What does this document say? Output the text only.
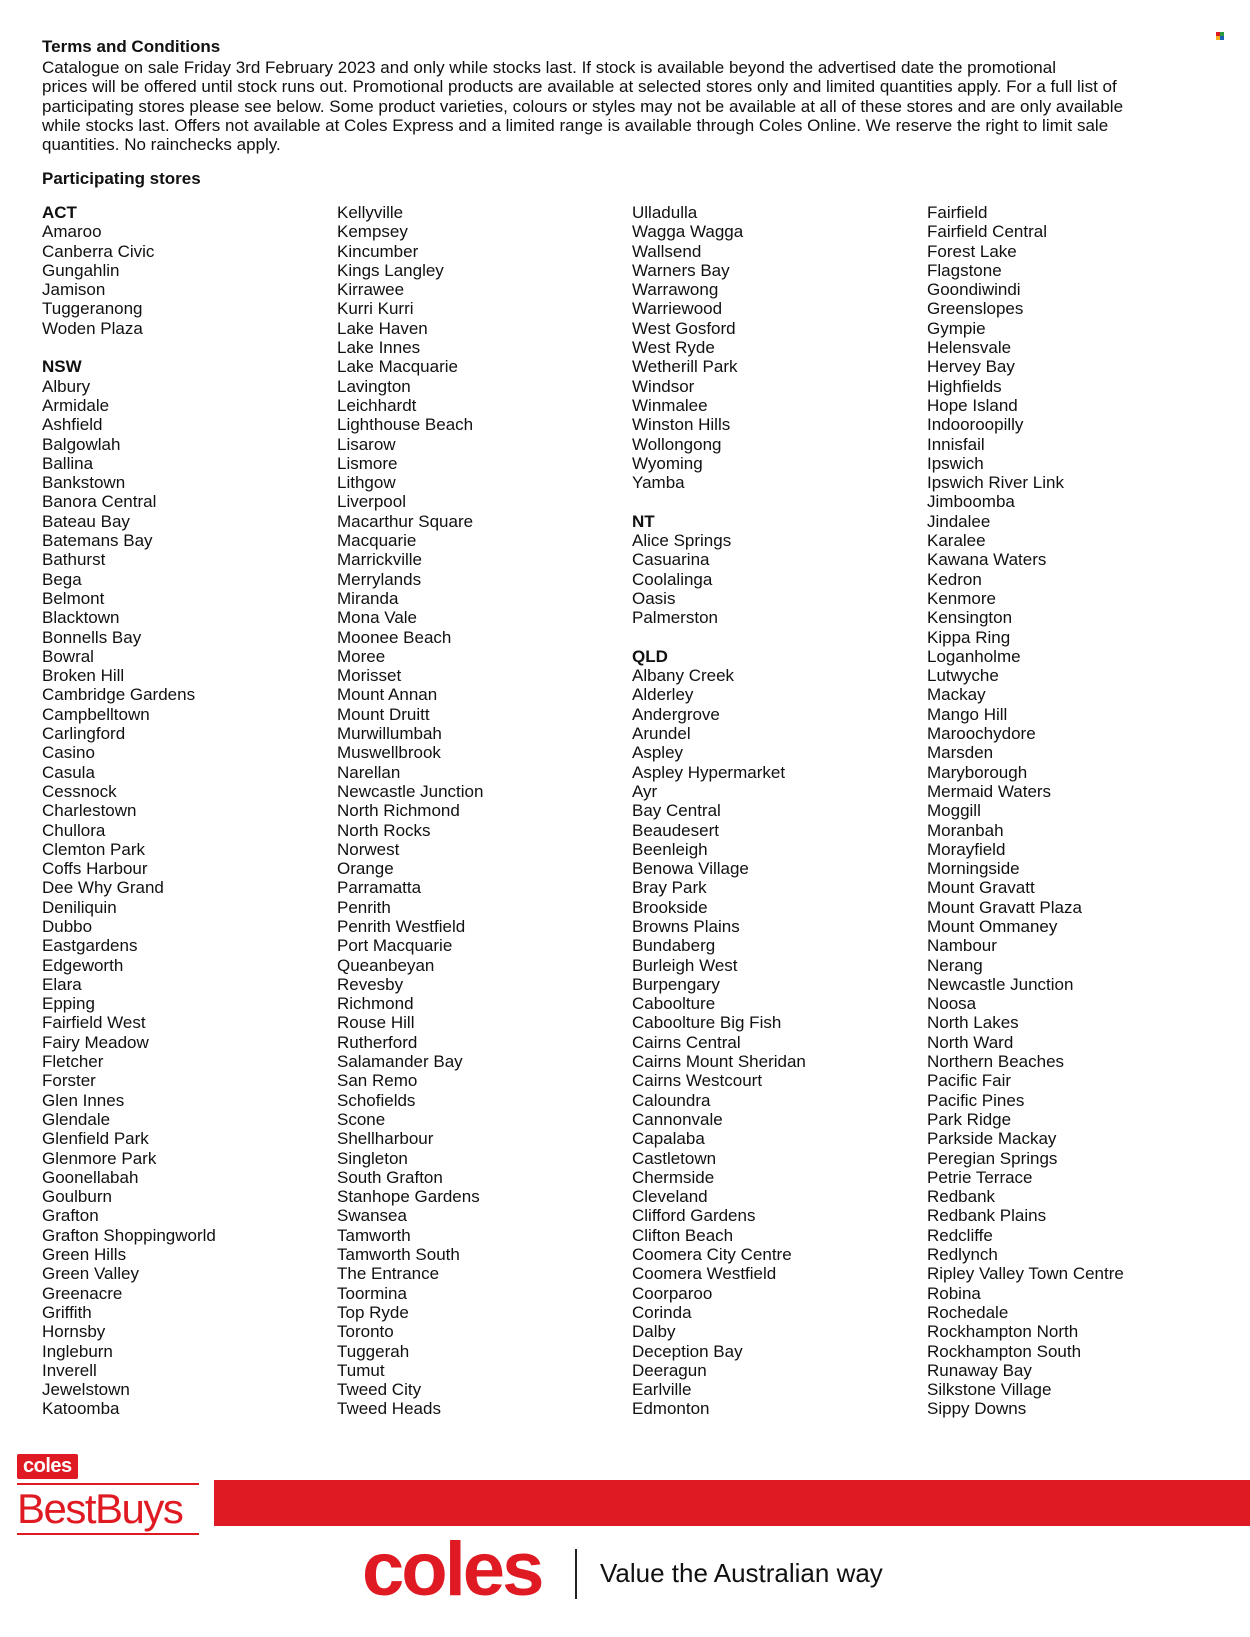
Terms and Conditions

Catalogue on sale Friday 3rd February 2023 and only while stocks last. If stock is available beyond the advertised date the promotional

prices will be offered until stock runs out. Promotional products are available at selected stores only and limited quantities apply. For a full list of

participating stores please see below. Some product varieties, colours or styles may not be available at all of these stores and are only available

while stocks last. Offers not available at Coles Express and a limited range is available through Coles Online. We reserve the right to limit sale

quantities. No rainchecks apply.

Participating stores
ACT
Amaroo
Canberra Civic
Gungahlin
Jamison
Tuggeranong
Woden Plaza
NSW
Albury
Armidale
Ashfield
Balgowlah
Ballina
Bankstown
Banora Central
Bateau Bay
Batemans Bay
Bathurst
Bega
Belmont
Blacktown
Bonnells Bay
Bowral
Broken Hill
Cambridge Gardens
Campbelltown
Carlingford
Casino
Casula
Cessnock
Charlestown
Chullora
Clemton Park
Coffs Harbour
Dee Why Grand
Deniliquin
Dubbo
Eastgardens
Edgeworth
Elara
Epping
Fairfield West
Fairy Meadow
Fletcher
Forster
Glen Innes
Glendale
Glenfield Park
Glenmore Park
Goonellabah
Goulburn
Grafton
Grafton Shoppingworld
Green Hills
Green Valley
Greenacre
Griffith
Hornsby
Ingleburn
Inverell
Jewelstown
Katoomba
Kellyville
Kempsey
Kincumber
Kings Langley
Kirrawee
Kurri Kurri
Lake Haven
Lake Innes
Lake Macquarie
Lavington
Leichhardt
Lighthouse Beach
Lisarow
Lismore
Lithgow
Liverpool
Macarthur Square
Macquarie
Marrickville
Merrylands
Miranda
Mona Vale
Moonee Beach
Moree
Morisset
Mount Annan
Mount Druitt
Murwillumbah
Muswellbrook
Narellan
Newcastle Junction
North Richmond
North Rocks
Norwest
Orange
Parramatta
Penrith
Penrith Westfield
Port Macquarie
Queanbeyan
Revesby
Richmond
Rouse Hill
Rutherford
Salamander Bay
San Remo
Schofields
Scone
Shellharbour
Singleton
South Grafton
Stanhope Gardens
Swansea
Tamworth
Tamworth South
The Entrance
Toormina
Top Ryde
Toronto
Tuggerah
Tumut
Tweed City
Tweed Heads
Ulladulla
Wagga Wagga
Wallsend
Warners Bay
Warrawong
Warriewood
West Gosford
West Ryde
Wetherill Park
Windsor
Winmalee
Winston Hills
Wollongong
Wyoming
Yamba
NT
Alice Springs
Casuarina
Coolalinga
Oasis
Palmerston
QLD
Albany Creek
Alderley
Andergrove
Arundel
Aspley
Aspley Hypermarket
Ayr
Bay Central
Beaudesert
Beenleigh
Benowa Village
Bray Park
Brookside
Browns Plains
Bundaberg
Burleigh West
Burpengary
Caboolture
Caboolture Big Fish
Cairns Central
Cairns Mount Sheridan
Cairns Westcourt
Caloundra
Cannonvale
Capalaba
Castletown
Chermside
Cleveland
Clifford Gardens
Clifton Beach
Coomera City Centre
Coomera Westfield
Coorparoo
Corinda
Dalby
Deception Bay
Deeragun
Earlville
Edmonton
Fairfield
Fairfield Central
Forest Lake
Flagstone
Goondiwindi
Greenslopes
Gympie
Helensvale
Hervey Bay
Highfields
Hope Island
Indooroopilly
Innisfail
Ipswich
Ipswich River Link
Jimboomba
Jindalee
Karalee
Kawana Waters
Kedron
Kenmore
Kensington
Kippa Ring
Loganholme
Lutwyche
Mackay
Mango Hill
Maroochydore
Marsden
Maryborough
Mermaid Waters
Moggill
Moranbah
Morayfield
Morningside
Mount Gravatt
Mount Gravatt Plaza
Mount Ommaney
Nambour
Nerang
Newcastle Junction
Noosa
North Lakes
North Ward
Northern Beaches
Pacific Fair
Pacific Pines
Park Ridge
Parkside Mackay
Peregian Springs
Petrie Terrace
Redbank
Redbank Plains
Redcliffe
Redlynch
Ripley Valley Town Centre
Robina
Rochedale
Rockhampton North
Rockhampton South
Runaway Bay
Silkstone Village
Sippy Downs
coles
BestBuys
coles Value the Australian way
